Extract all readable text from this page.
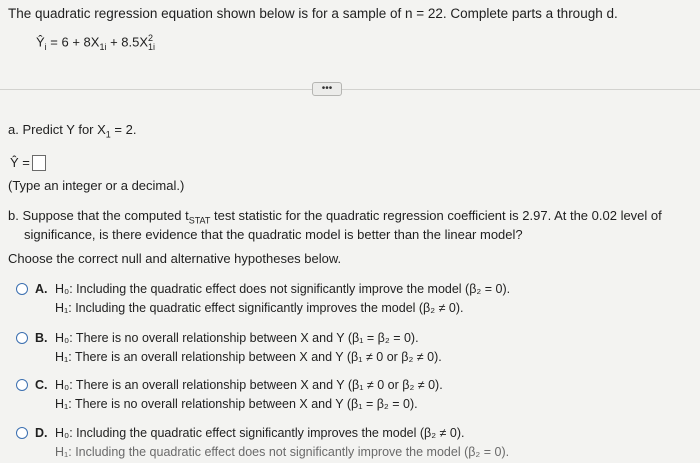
The quadratic regression equation shown below is for a sample of n = 22. Complete parts a through d.
$Ŷ_i = 6 + 8X_{1i} + 8.5X$ 2
1i
•••
a. Predict Y for $X_1 = 2$.
Ŷ =
(Type an integer or a decimal.)
b. Suppose that the computed $t_{STAT}$ test statistic for the quadratic regression coefficient is 2.97. At the 0.02 level of
significance, is there evidence that the quadratic model is better than the linear model?
Choose the correct null and alternative hypotheses below.
A. H₀: Including the quadratic effect does not significantly improve the model (β₂ = 0).
H₁: Including the quadratic effect significantly improves the model (β₂ ≠ 0).
B. H₀: There is no overall relationship between X and Y (β₁ = β₂ = 0).
H₁: There is an overall relationship between X and Y (β₁ ≠ 0 or β₂ ≠ 0).
C. H₀: There is an overall relationship between X and Y (β₁ ≠ 0 or β₂ ≠ 0).
H₁: There is no overall relationship between X and Y (β₁ = β₂ = 0).
D. H₀: Including the quadratic effect significantly improves the model (β₂ ≠ 0).
H₁: Including the quadratic effect does not significantly improve the model (β₂ = 0).
